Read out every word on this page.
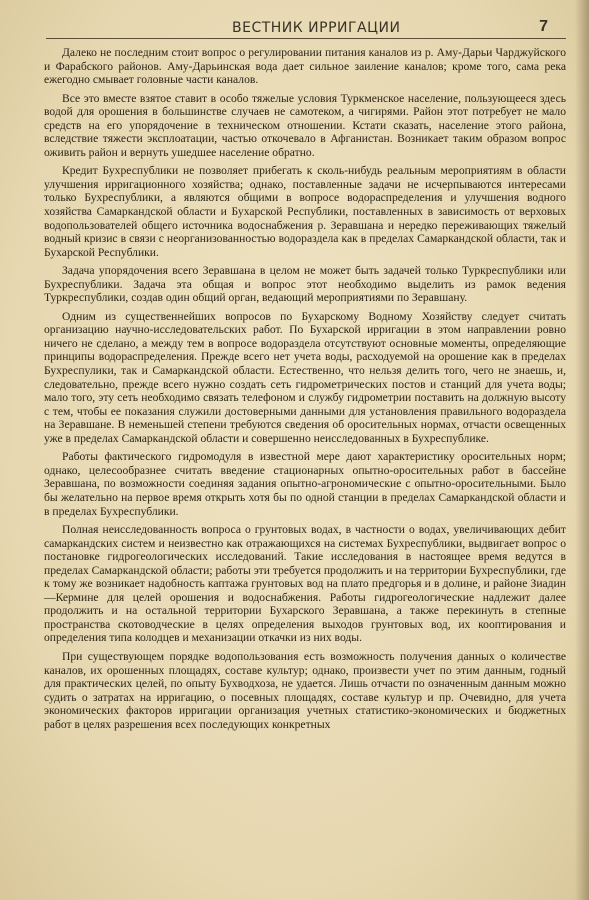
ВЕСТНИК ИРРИГАЦИИ	7

Далеко не последним стоит вопрос о регулировании питания каналов из р. Аму-Дарьи Чарджуйского и Фарабского районов. Аму-Дарьинская вода дает сильное заиление каналов; кроме того, сама река ежегодно смывает головные части каналов.

Все это вместе взятое ставит в особо тяжелые условия Туркменское население, пользующееся здесь водой для орошения в большинстве случаев не самотеком, а чигирями. Район этот потребует не мало средств на его упорядочение в техническом отношении. Кстати сказать, население этого района, вследствие тяжести эксплоатации, частью откочевало в Афганистан. Возникает таким образом вопрос оживить район и вернуть ушедшее население обратно.

Кредит Бухреспублики не позволяет прибегать к сколь-нибудь реальным мероприятиям в области улучшения ирригационного хозяйства; однако, поставленные задачи не исчерпываются интересами только Бухреспублики, а являются общими в вопросе водораспределения и улучшения водного хозяйства Самаркандской области и Бухарской Республики, поставленных в зависимость от верховых водопользователей общего источника водоснабжения р. Зеравшана и нередко переживающих тяжелый водный кризис в связи с неорганизованностью водораздела как в пределах Самаркандской области, так и Бухарской Республики.

Задача упорядочения всего Зеравшана в целом не может быть задачей только Туркреспублики или Бухреспублики. Задача эта общая и вопрос этот необходимо выделить из рамок ведения Туркреспублики, создав один общий орган, ведающий мероприятиями по Зеравшану.

Одним из существеннейших вопросов по Бухарскому Водному Хозяйству следует считать организацию научно-исследовательских работ. По Бухарской ирригации в этом направлении ровно ничего не сделано, а между тем в вопросе водораздела отсутствуют основные моменты, определяющие принципы водораспределения. Прежде всего нет учета воды, расходуемой на орошение как в пределах Бухреспулики, так и Самаркандской области. Естественно, что нельзя делить того, чего не знаешь, и, следовательно, прежде всего нужно создать сеть гидрометрических постов и станций для учета воды; мало того, эту сеть необходимо связать телефоном и службу гидрометрии поставить на должную высоту с тем, чтобы ее показания служили достоверными данными для установления правильного водораздела на Зеравшане. В неменьшей степени требуются сведения об оросительных нормах, отчасти освещенных уже в пределах Самаркандской области и совершенно неисследованных в Бухреспублике.

Работы фактического гидромодуля в известной мере дают характеристику оросительных норм; однако, целесообразнее считать введение стационарных опытно-оросительных работ в бассейне Зеравшана, по возможности соединяя задания опытно-агрономические с опытно-оросительными. Было бы желательно на первое время открыть хотя бы по одной станции в пределах Самаркандской области и в пределах Бухреспублики.

Полная неисследованность вопроса о грунтовых водах, в частности о водах, увеличивающих дебит самаркандских систем и неизвестно как отражающихся на системах Бухреспублики, выдвигает вопрос о постановке гидрогеологических исследований. Такие исследования в настоящее время ведутся в пределах Самаркандской области; работы эти требуется продолжить и на территории Бухреспублики, где к тому же возникает надобность каптажа грунтовых вод на плато предгорья и в долине, и районе Зиадин—Кермине для целей орошения и водоснабжения. Работы гидрогеологические надлежит далее продолжить и на остальной территории Бухарского Зеравшана, а также перекинуть в степные пространства скотоводческие в целях определения выходов грунтовых вод, их кооптирования и определения типа колодцев и механизации откачки из них воды.

При существующем порядке водопользования есть возможность получения данных о количестве каналов, их орошенных площадях, составе культур; однако, произвести учет по этим данным, годный для практических целей, по опыту Бухводхоза, не удается. Лишь отчасти по означенным данным можно судить о затратах на ирригацию, о посевных площадях, составе культур и пр. Очевидно, для учета экономических факторов ирригации организация учетных статистико-экономических и бюджетных работ в целях разрешения всех последующих конкретных
